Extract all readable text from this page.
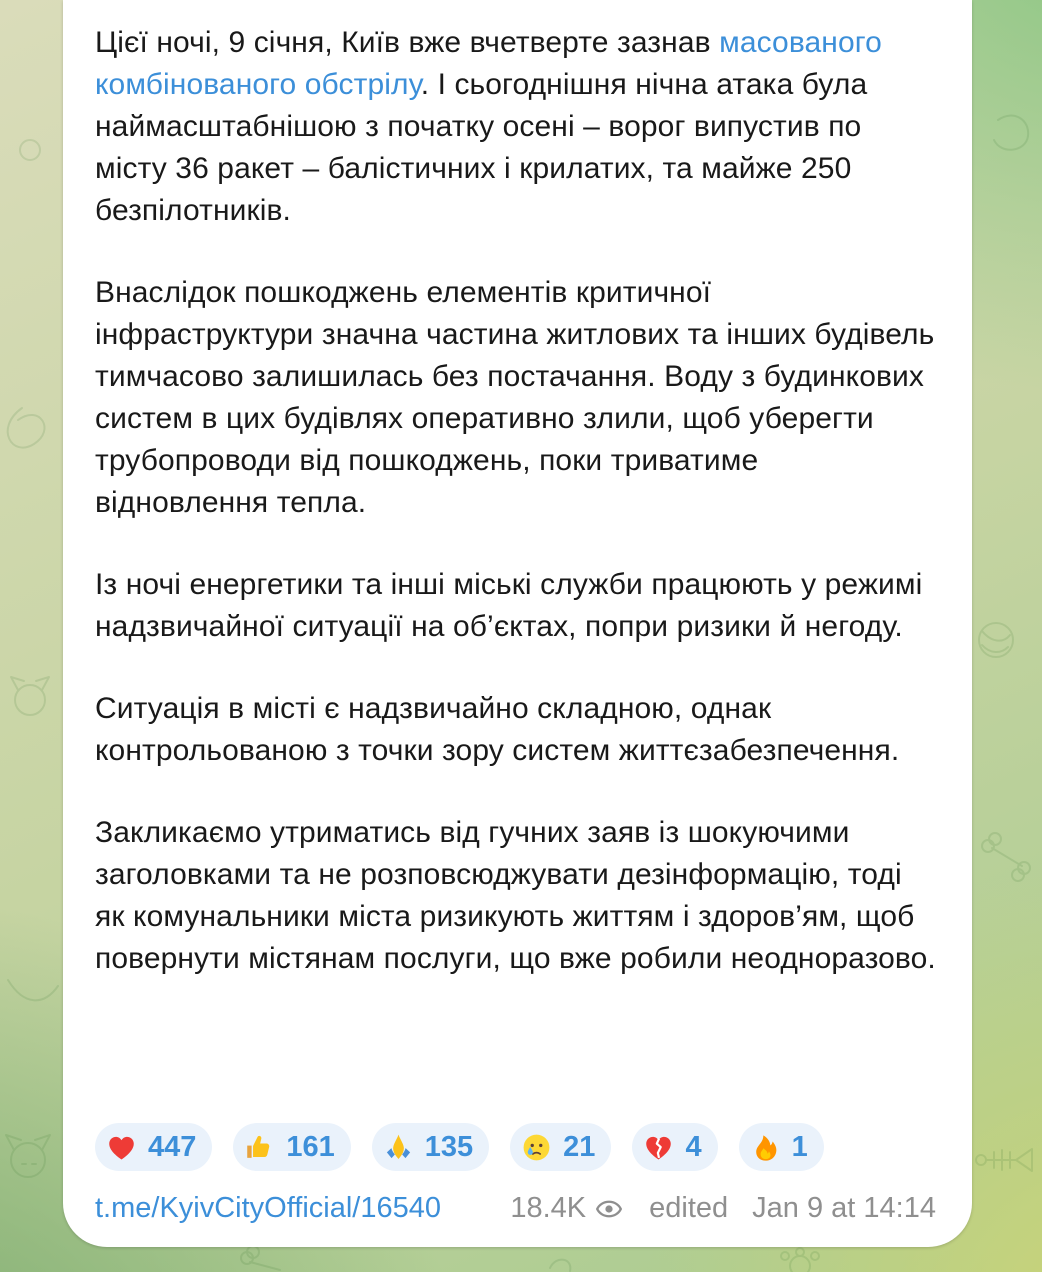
Цієї ночі, 9 січня, Київ вже вчетверте зазнав масованого комбінованого обстрілу. І сьогоднішня нічна атака була наймасштабнішою з початку осені – ворог випустив по місту 36 ракет – балістичних і крилатих, та майже 250 безпілотників.

Внаслідок пошкоджень елементів критичної інфраструктури значна частина житлових та інших будівель тимчасово залишилась без постачання. Воду з будинкових систем в цих будівлях оперативно злили, щоб уберегти трубопроводи від пошкоджень, поки триватиме відновлення тепла.

Із ночі енергетики та інші міські служби працюють у режимі надзвичайної ситуації на об’єктах, попри ризики й негоду.

Ситуація в місті є надзвичайно складною, однак контрольованою з точки зору систем життєзабезпечення.

Закликаємо утриматись від гучних заяв із шокуючими заголовками та не розповсюджувати дезінформацію, тоді як комунальники міста ризикують життям і здоров’ям, щоб повернути містянам послуги, що вже робили неодноразово.

447	161	135	21	4	1
t.me/KyivCityOfficial/16540 18.4K edited Jan 9 at 14:14
